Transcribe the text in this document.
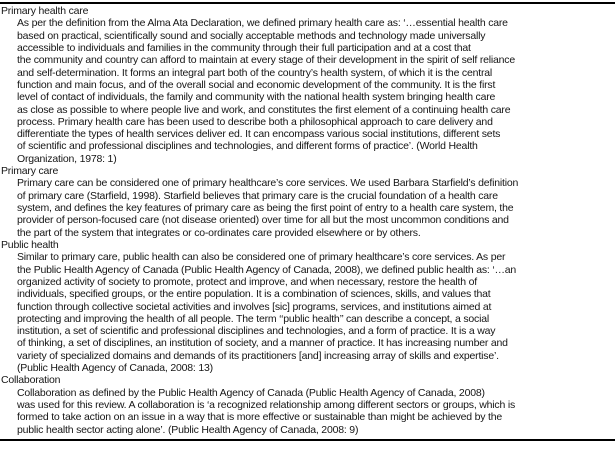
Primary health care
As per the definition from the Alma Ata Declaration, we defined primary health care as: ‘…essential health care
based on practical, scientifically sound and socially acceptable methods and technology made universally
accessible to individuals and families in the community through their full participation and at a cost that
the community and country can afford to maintain at every stage of their development in the spirit of self reliance
and self-determination. It forms an integral part both of the country’s health system, of which it is the central
function and main focus, and of the overall social and economic development of the community. It is the first
level of contact of individuals, the family and community with the national health system bringing health care
as close as possible to where people live and work, and constitutes the first element of a continuing health care
process. Primary health care has been used to describe both a philosophical approach to care delivery and
differentiate the types of health services deliver ed. It can encompass various social institutions, different sets
of scientific and professional disciplines and technologies, and different forms of practice’. (World Health
Organization, 1978: 1)
Primary care
Primary care can be considered one of primary healthcare’s core services. We used Barbara Starfield’s definition
of primary care (Starfield, 1998). Starfield believes that primary care is the crucial foundation of a health care
system, and defines the key features of primary care as being the first point of entry to a health care system, the
provider of person-focused care (not disease oriented) over time for all but the most uncommon conditions and
the part of the system that integrates or co-ordinates care provided elsewhere or by others.
Public health
Similar to primary care, public health can also be considered one of primary healthcare’s core services. As per
the Public Health Agency of Canada (Public Health Agency of Canada, 2008), we defined public health as: ‘…an
organized activity of society to promote, protect and improve, and when necessary, restore the health of
individuals, specified groups, or the entire population. It is a combination of sciences, skills, and values that
function through collective societal activities and involves [sic] programs, services, and institutions aimed at
protecting and improving the health of all people. The term ‘‘public health’’ can describe a concept, a social
institution, a set of scientific and professional disciplines and technologies, and a form of practice. It is a way
of thinking, a set of disciplines, an institution of society, and a manner of practice. It has increasing number and
variety of specialized domains and demands of its practitioners [and] increasing array of skills and expertise’.
(Public Health Agency of Canada, 2008: 13)
Collaboration
Collaboration as defined by the Public Health Agency of Canada (Public Health Agency of Canada, 2008)
was used for this review. A collaboration is ‘a recognized relationship among different sectors or groups, which is
formed to take action on an issue in a way that is more effective or sustainable than might be achieved by the
public health sector acting alone’. (Public Health Agency of Canada, 2008: 9)
